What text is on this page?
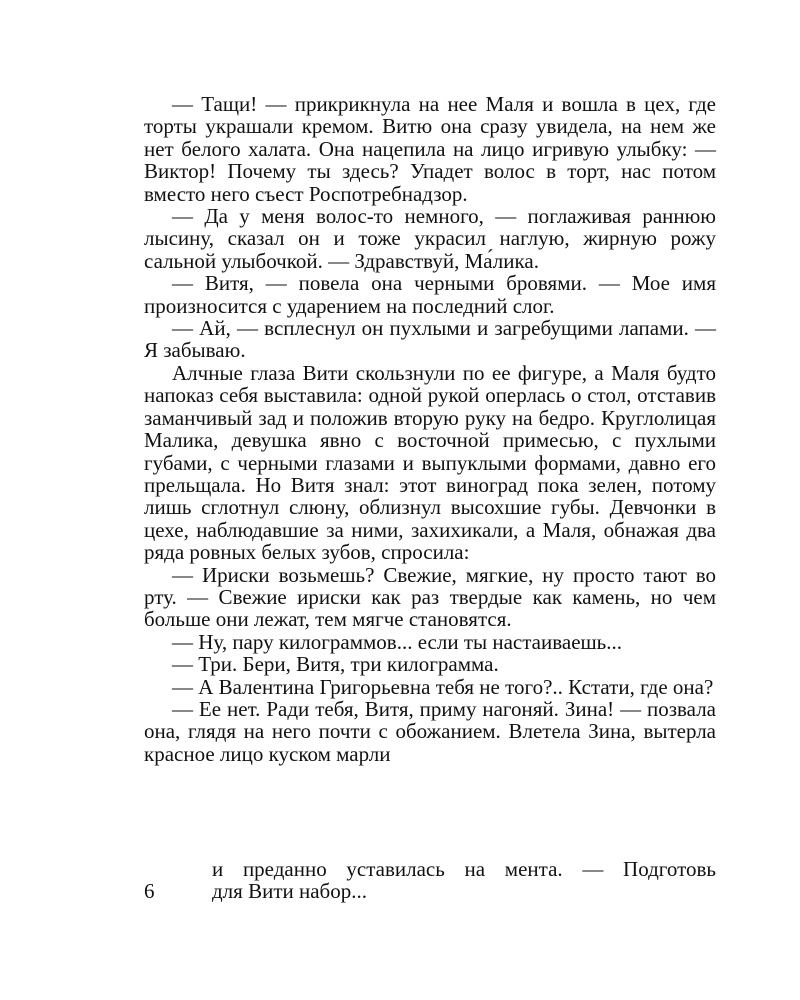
— Тащи! — прикрикнула на нее Маля и вошла в цех, где торты украшали кремом. Витю она сразу увидела, на нем же нет белого халата. Она нацепила на лицо игривую улыбку: — Виктор! Почему ты здесь? Упадет волос в торт, нас потом вместо него съест Роспотребнадзор.

— Да у меня волос-то немного, — поглаживая раннюю лысину, сказал он и тоже украсил наглую, жирную рожу сальной улыбочкой. — Здравствуй, Ма́лика.

— Витя, — повела она черными бровями. — Мое имя произносится с ударением на последний слог.

— Ай, — всплеснул он пухлыми и загребущими лапами. — Я забываю.

Алчные глаза Вити скользнули по ее фигуре, а Маля будто напоказ себя выставила: одной рукой оперлась о стол, отставив заманчивый зад и положив вторую руку на бедро. Круглолицая Малика, девушка явно с восточной примесью, с пухлыми губами, с черными глазами и выпуклыми формами, давно его прельщала. Но Витя знал: этот виноград пока зелен, потому лишь сглотнул слюну, облизнул высохшие губы. Девчонки в цехе, наблюдавшие за ними, захихикали, а Маля, обнажая два ряда ровных белых зубов, спросила:

— Ириски возьмешь? Свежие, мягкие, ну просто тают во рту. — Свежие ириски как раз твердые как камень, но чем больше они лежат, тем мягче становятся.

— Ну, пару килограммов... если ты настаиваешь...

— Три. Бери, Витя, три килограмма.

— А Валентина Григорьевна тебя не того?.. Кстати, где она?

— Ее нет. Ради тебя, Витя, приму нагоняй. Зина! — позвала она, глядя на него почти с обожанием. Влетела Зина, вытерла красное лицо куском марли

и преданно уставилась на мента. — Подготовь
6	для Вити набор...
